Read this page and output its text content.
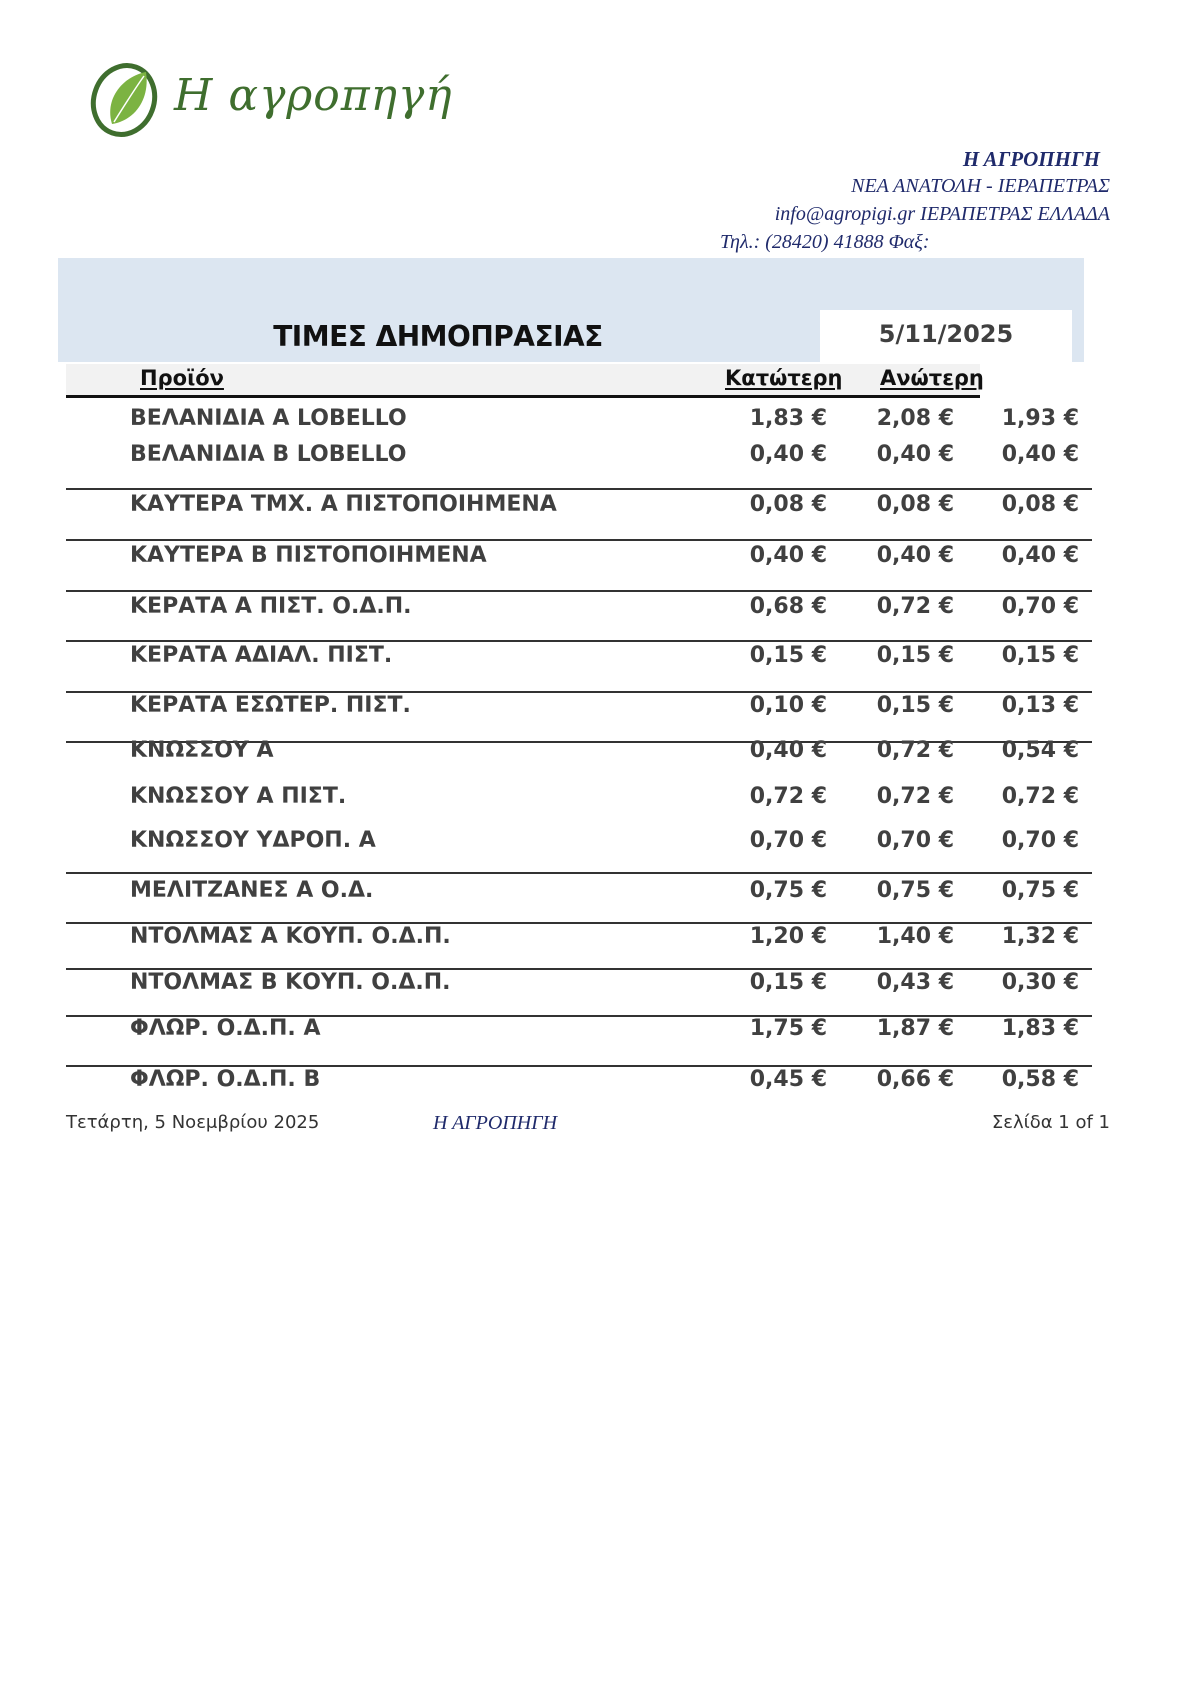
Η αγροπηγή
Η ΑΓΡΟΠΗΓΗ
ΝΕΑ ΑΝΑΤΟΛΗ - ΙΕΡΑΠΕΤΡΑΣ
info@agropigi.gr ΙΕΡΑΠΕΤΡΑΣ ΕΛΛΑΔΑ
Τηλ.: (28420) 41888 Φαξ:
ΤΙΜΕΣ ΔΗΜΟΠΡΑΣΙΑΣ	5/11/2025
Προϊόν	Κατώτερη Ανώτερη
ΒΕΛΑΝΙΔΙΑ Α LOBELLO	1,83 € 2,08 € 1,93 €
ΒΕΛΑΝΙΔΙΑ Β LOBELLO	0,40 € 0,40 € 0,40 €
ΚΑΥΤΕΡΑ ΤΜΧ. Α ΠΙΣΤΟΠΟΙΗΜΕΝΑ	0,08 € 0,08 € 0,08 €
ΚΑΥΤΕΡΑ Β ΠΙΣΤΟΠΟΙΗΜΕΝΑ	0,40 € 0,40 € 0,40 €
ΚΕΡΑΤΑ Α ΠΙΣΤ. Ο.Δ.Π.	0,68 € 0,72 € 0,70 €
ΚΕΡΑΤΑ ΑΔΙΑΛ. ΠΙΣΤ.	0,15 € 0,15 € 0,15 €
ΚΕΡΑΤΑ ΕΣΩΤΕΡ. ΠΙΣΤ.	0,10 € 0,15 € 0,13 €
ΚΝΩΣΣΟΥ Α	0,40 € 0,72 € 0,54 €
ΚΝΩΣΣΟΥ Α ΠΙΣΤ.	0,72 € 0,72 € 0,72 €
ΚΝΩΣΣΟΥ ΥΔΡΟΠ. Α	0,70 € 0,70 € 0,70 €
ΜΕΛΙΤΖΑΝΕΣ Α Ο.Δ.	0,75 € 0,75 € 0,75 €
ΝΤΟΛΜΑΣ Α ΚΟΥΠ. Ο.Δ.Π.	1,20 € 1,40 € 1,32 €
ΝΤΟΛΜΑΣ Β ΚΟΥΠ. Ο.Δ.Π.	0,15 € 0,43 € 0,30 €
ΦΛΩΡ. Ο.Δ.Π. Α	1,75 € 1,87 € 1,83 €
ΦΛΩΡ. Ο.Δ.Π. Β	0,45 € 0,66 € 0,58 €
Τετάρτη, 5 Νοεμβρίου 2025	Η ΑΓΡΟΠΗΓΗ	Σελίδα 1 of 1
